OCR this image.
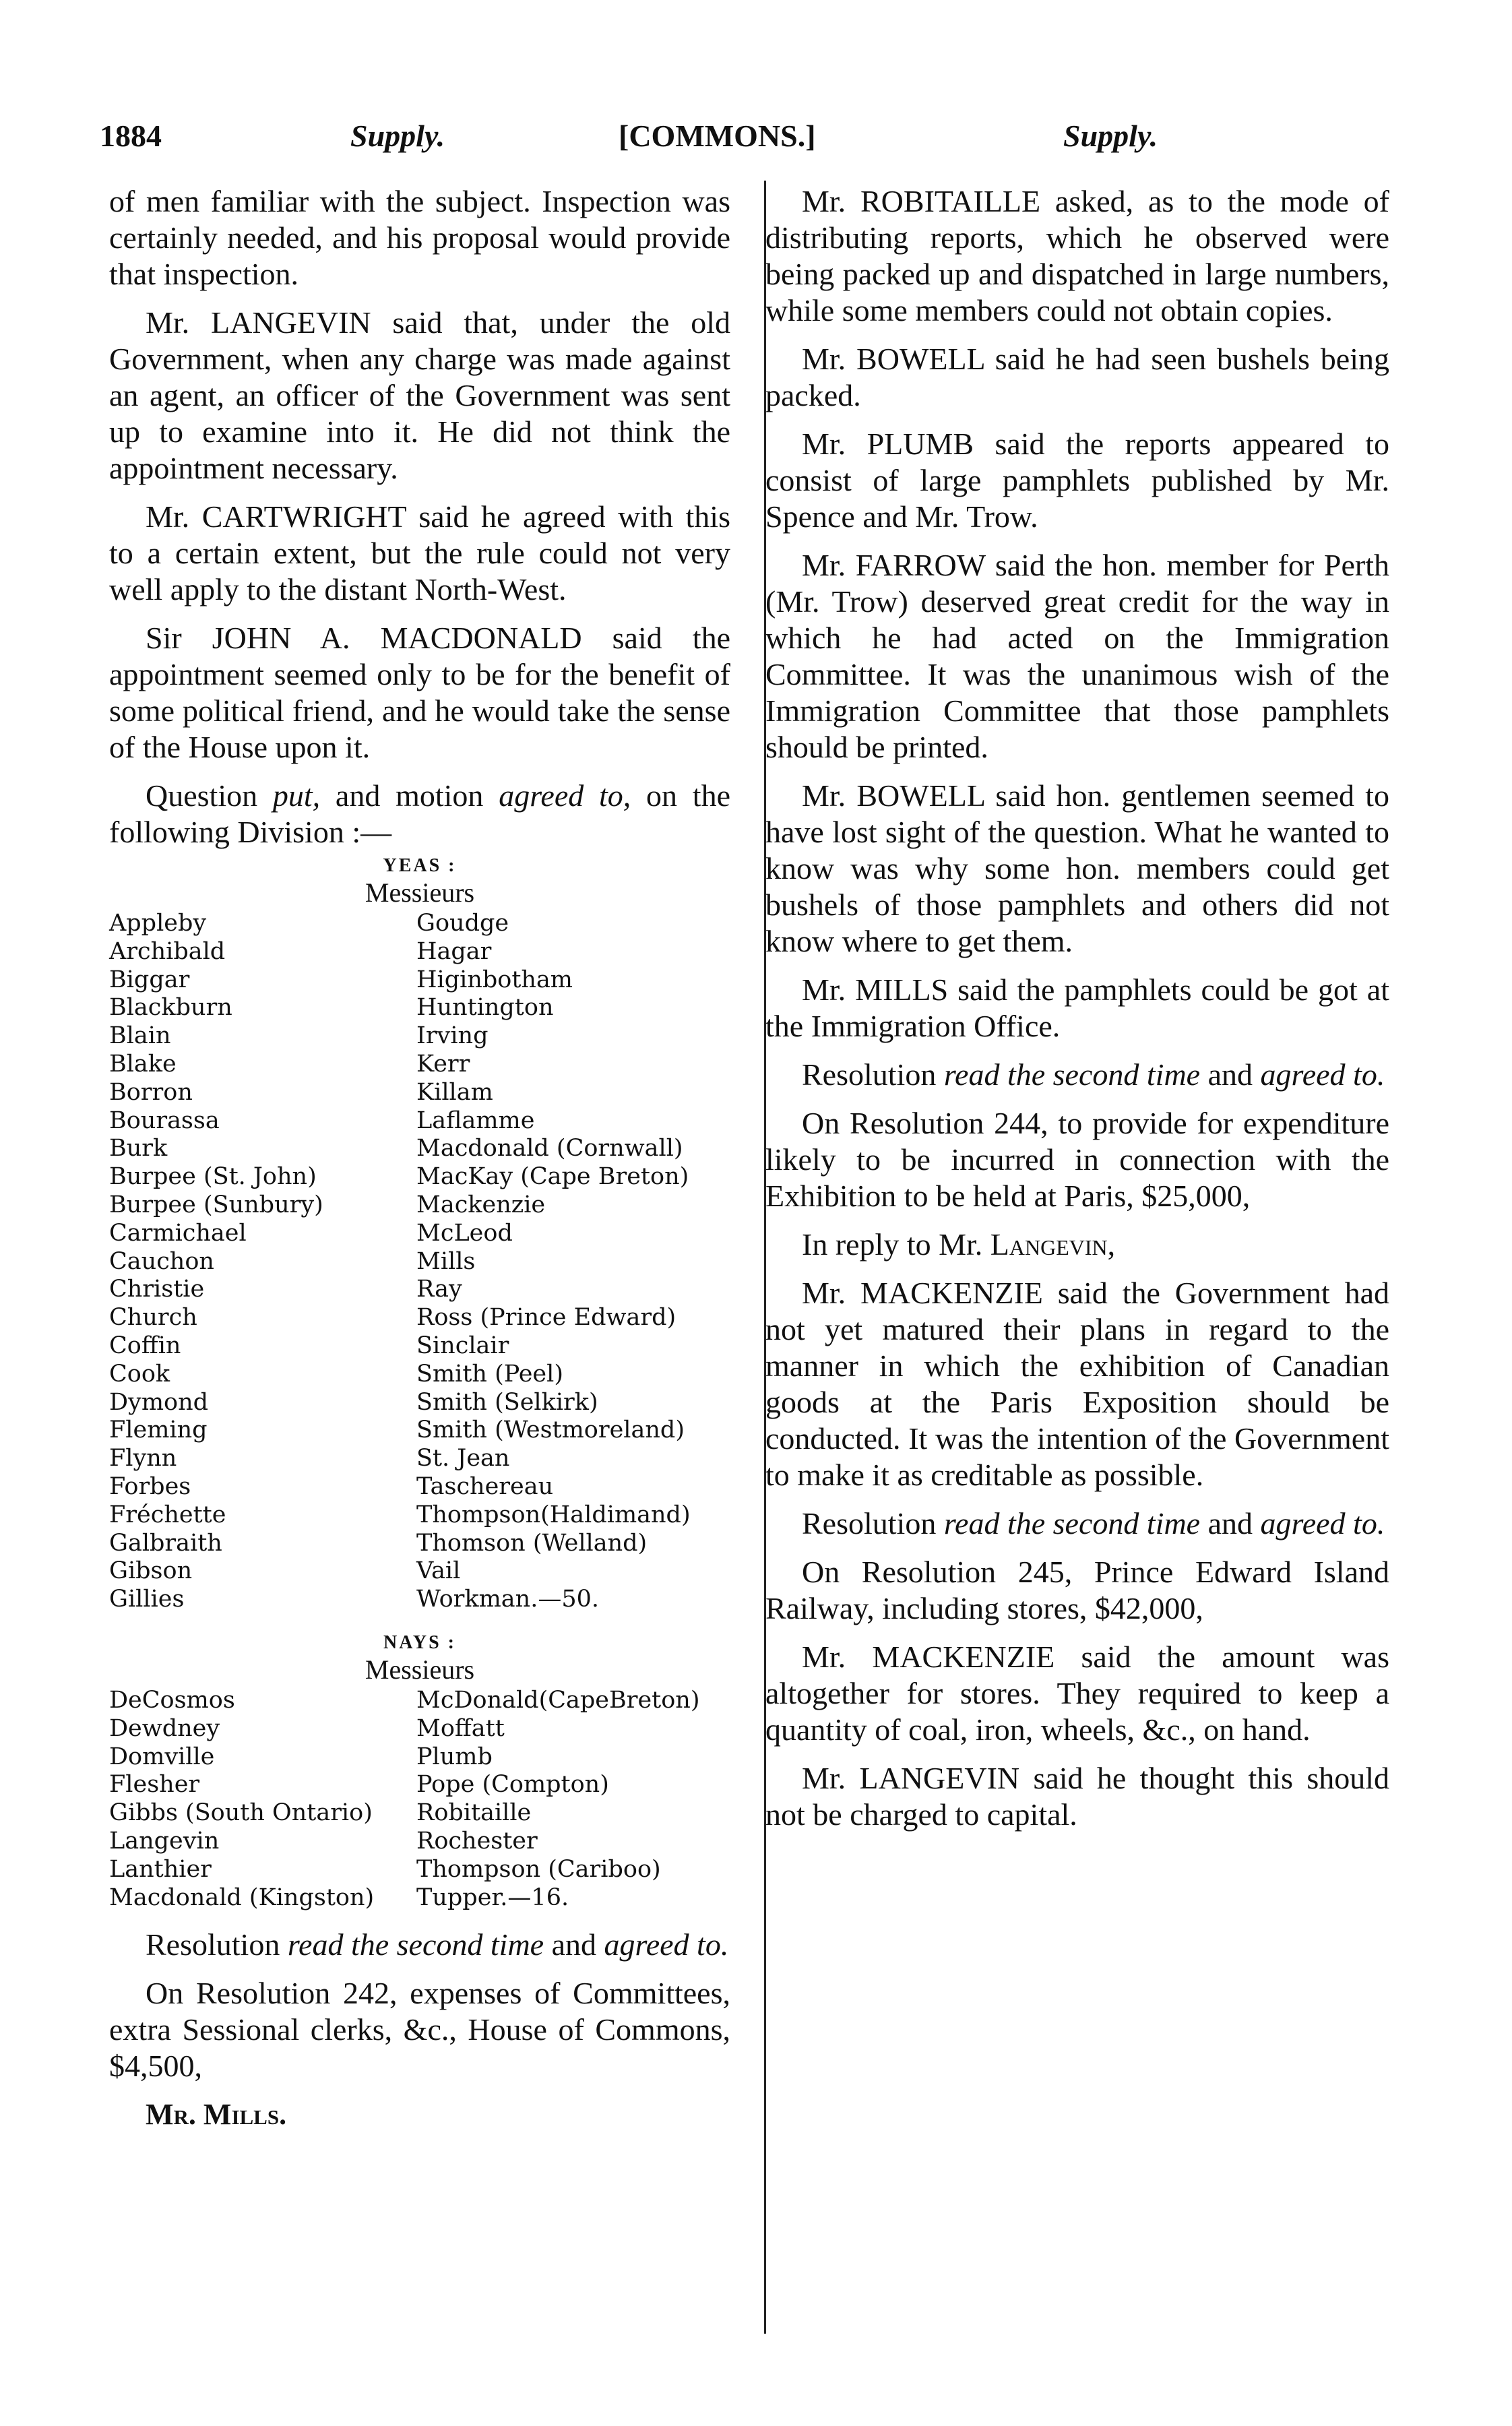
1884	Supply.	[COMMONS.]	Supply.

of men familiar with the subject. Inspection was certainly needed, and his proposal would provide that inspection.

Mr. LANGEVIN said that, under the old Government, when any charge was made against an agent, an officer of the Government was sent up to examine into it. He did not think the appointment necessary.

Mr. CARTWRIGHT said he agreed with this to a certain extent, but the rule could not very well apply to the distant North-West.

Sir JOHN A. MACDONALD said the appointment seemed only to be for the benefit of some political friend, and he would take the sense of the House upon it.

Question put, and motion agreed to, on the following Division :—

YEAS :
Messieurs
Appleby	Goudge
Archibald	Hagar
Biggar	Higinbotham
Blackburn	Huntington
Blain	Irving
Blake	Kerr
Borron	Killam
Bourassa	Laflamme
Burk	Macdonald (Cornwall)
Burpee (St. John)	MacKay (Cape Breton)
Burpee (Sunbury)	Mackenzie
Carmichael	McLeod
Cauchon	Mills
Christie	Ray
Church	Ross (Prince Edward)
Coffin	Sinclair
Cook	Smith (Peel)
Dymond	Smith (Selkirk)
Fleming	Smith (Westmoreland)
Flynn	St. Jean
Forbes	Taschereau
Fréchette	Thompson(Haldimand)
Galbraith	Thomson (Welland)
Gibson	Vail
Gillies	Workman.—50.
NAYS :
Messieurs
DeCosmos	McDonald(CapeBreton)
Dewdney	Moffatt
Domville	Plumb
Flesher	Pope (Compton)
Gibbs (South Ontario)	Robitaille
Langevin	Rochester
Lanthier	Thompson (Cariboo)
Macdonald (Kingston)	Tupper.—16.

Resolution read the second time and agreed to.

On Resolution 242, expenses of Committees, extra Sessional clerks, &c., House of Commons, $4,500,

Mr. Mills.

Mr. ROBITAILLE asked, as to the mode of distributing reports, which he observed were being packed up and dispatched in large numbers, while some members could not obtain copies.

Mr. BOWELL said he had seen bushels being packed.

Mr. PLUMB said the reports appeared to consist of large pamphlets published by Mr. Spence and Mr. Trow.

Mr. FARROW said the hon. member for Perth (Mr. Trow) deserved great credit for the way in which he had acted on the Immigration Committee. It was the unanimous wish of the Immigration Committee that those pamphlets should be printed.

Mr. BOWELL said hon. gentlemen seemed to have lost sight of the question. What he wanted to know was why some hon. members could get bushels of those pamphlets and others did not know where to get them.

Mr. MILLS said the pamphlets could be got at the Immigration Office.

Resolution read the second time and agreed to.

On Resolution 244, to provide for expenditure likely to be incurred in connection with the Exhibition to be held at Paris, $25,000,

In reply to Mr. Langevin,

Mr. MACKENZIE said the Government had not yet matured their plans in regard to the manner in which the exhibition of Canadian goods at the Paris Exposition should be conducted. It was the intention of the Government to make it as creditable as possible.

Resolution read the second time and agreed to.

On Resolution 245, Prince Edward Island Railway, including stores, $42,000,

Mr. MACKENZIE said the amount was altogether for stores. They required to keep a quantity of coal, iron, wheels, &c., on hand.

Mr. LANGEVIN said he thought this should not be charged to capital.
